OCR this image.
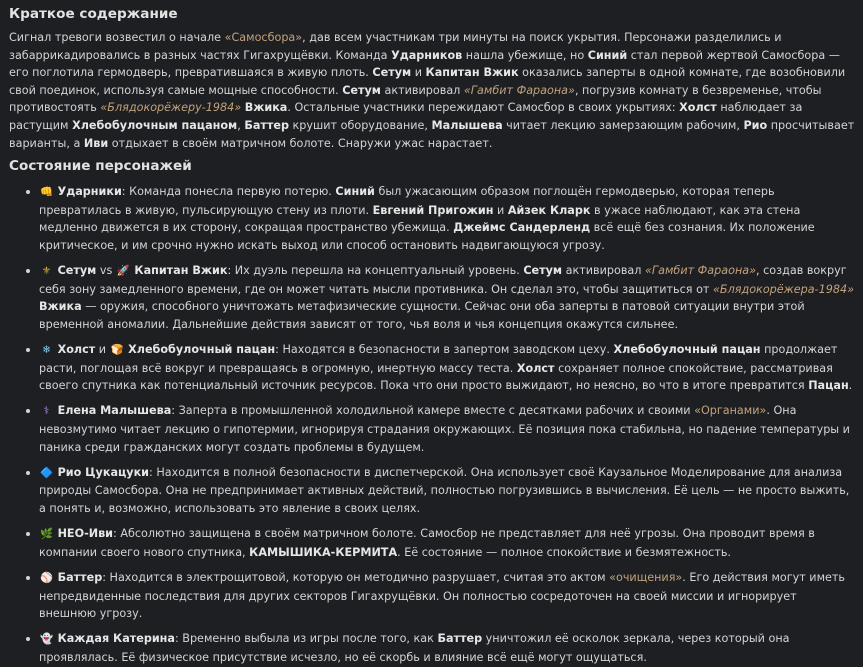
Краткое содержание

Сигнал тревоги возвестил о начале «Самосбора», дав всем участникам три минуты на поиск укрытия. Персонажи разделились и забаррикадировались в разных частях Гигахрущёвки. Команда Ударников нашла убежище, но Синий стал первой жертвой Самосбора — его поглотила гермодверь, превратившаяся в живую плоть. Сетум и Капитан Вжик оказались заперты в одной комнате, где возобновили свой поединок, используя самые мощные способности. Сетум активировал «Гамбит Фараона», погрузив комнату в безвременье, чтобы противостоять «Блядокорёжеру-1984» Вжика. Остальные участники пережидают Самосбор в своих укрытиях: Холст наблюдает за растущим Хлебобулочным пацаном, Баттер крушит оборудование, Малышева читает лекцию замерзающим рабочим, Рио просчитывает варианты, а Иви отдыхает в своём матричном болоте. Снаружи ужас нарастает.

Состояние персонажей
👊 Ударники: Команда понесла первую потерю. Синий был ужасающим образом поглощён гермодверью, которая теперь превратилась в живую, пульсирующую стену из плоти. Евгений Пригожин и Айзек Кларк в ужасе наблюдают, как эта стена медленно движется в их сторону, сокращая пространство убежища. Джеймс Сандерленд всё ещё без сознания. Их положение критическое, и им срочно нужно искать выход или способ остановить надвигающуюся угрозу.
⚜ Сетум vs 🚀 Капитан Вжик: Их дуэль перешла на концептуальный уровень. Сетум активировал «Гамбит Фараона», создав вокруг себя зону замедленного времени, где он может читать мысли противника. Он сделал это, чтобы защититься от «Блядокорёжера-1984» Вжика — оружия, способного уничтожать метафизические сущности. Сейчас они оба заперты в патовой ситуации внутри этой временной аномалии. Дальнейшие действия зависят от того, чья воля и чья концепция окажутся сильнее.
❄ Холст и 🍞 Хлебобулочный пацан: Находятся в безопасности в запертом заводском цеху. Хлебобулочный пацан продолжает расти, поглощая всё вокруг и превращаясь в огромную, инертную массу теста. Холст сохраняет полное спокойствие, рассматривая своего спутника как потенциальный источник ресурсов. Пока что они просто выжидают, но неясно, во что в итоге превратится Пацан.
⚕ Елена Малышева: Заперта в промышленной холодильной камере вместе с десятками рабочих и своими «Органами». Она невозмутимо читает лекцию о гипотермии, игнорируя страдания окружающих. Её позиция пока стабильна, но падение температуры и паника среди гражданских могут создать проблемы в будущем.
🔷 Рио Цукацуки: Находится в полной безопасности в диспетчерской. Она использует своё Каузальное Моделирование для анализа природы Самосбора. Она не предпринимает активных действий, полностью погрузившись в вычисления. Её цель — не просто выжить, а понять и, возможно, использовать это явление в своих целях.
🌿 НЕО-Иви: Абсолютно защищена в своём матричном болоте. Самосбор не представляет для неё угрозы. Она проводит время в компании своего нового спутника, КАМЫШИКА-КЕРМИТА. Её состояние — полное спокойствие и безмятежность.
⚾ Баттер: Находится в электрощитовой, которую он методично разрушает, считая это актом «очищения». Его действия могут иметь непредвиденные последствия для других секторов Гигахрущёвки. Он полностью сосредоточен на своей миссии и игнорирует внешнюю угрозу.
👻 Каждая Катерина: Временно выбыла из игры после того, как Баттер уничтожил её осколок зеркала, через который она проявлялась. Её физическое присутствие исчезло, но её скорбь и влияние всё ещё могут ощущаться.
